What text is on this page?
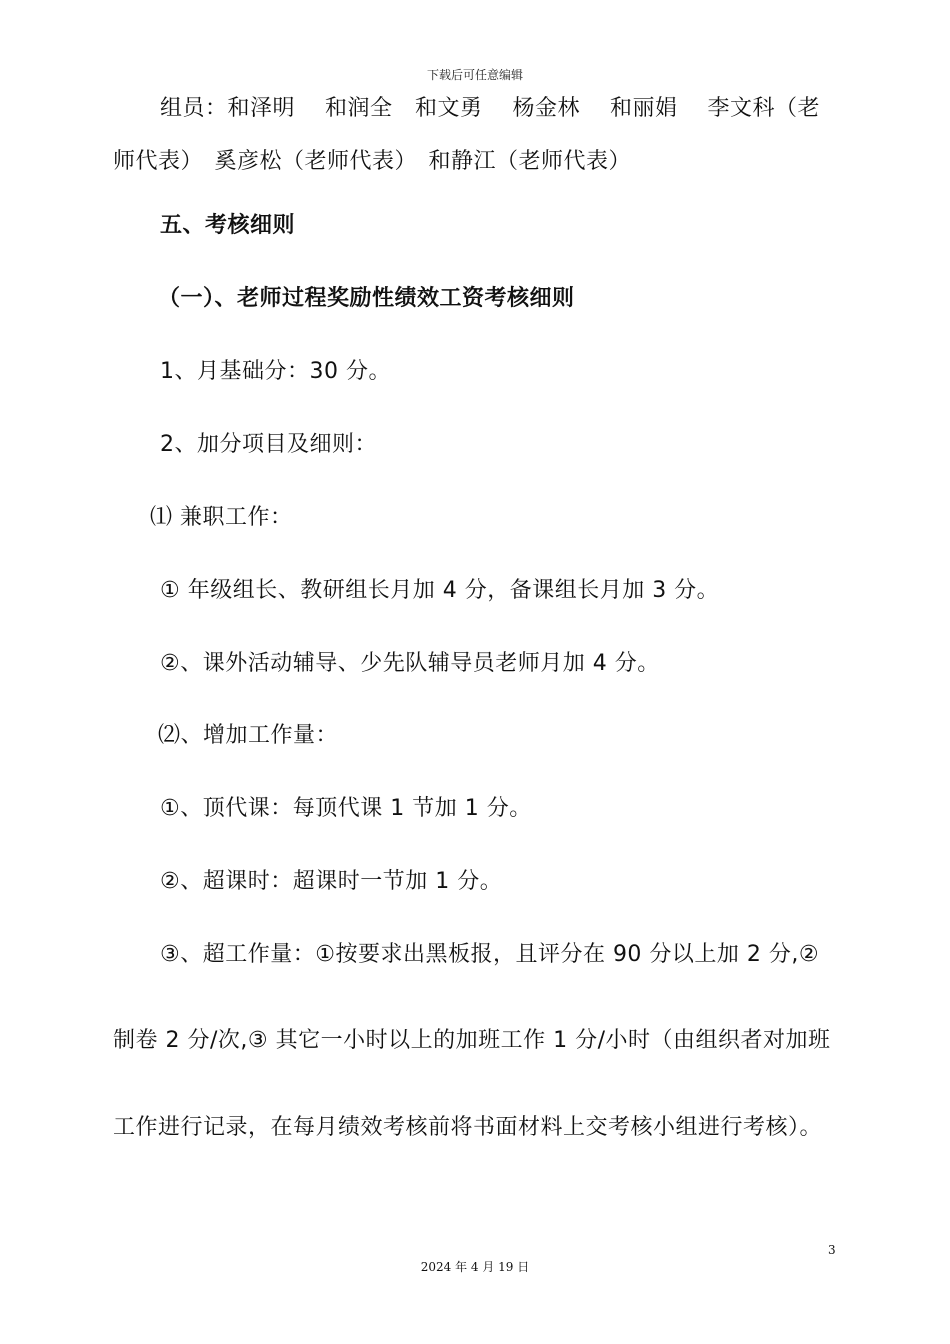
下载后可任意编辑
组员：和泽明　 和润全　和文勇　 杨金林　 和丽娟　 李文科（老
师代表）　奚彦松（老师代表）　和静江（老师代表）
五、考核细则
（一）、老师过程奖励性绩效工资考核细则
1、月基础分：30 分。
2、加分项目及细则：
⑴ 兼职工作：
① 年级组长、教研组长月加 4 分，备课组长月加 3 分。
②、课外活动辅导、少先队辅导员老师月加 4 分。
⑵、增加工作量：
①、顶代课：每顶代课 1 节加 1 分。
②、超课时：超课时一节加 1 分。
③、超工作量：①按要求出黑板报，且评分在 90 分以上加 2 分,②
制卷 2 分/次,③ 其它一小时以上的加班工作 1 分/小时（由组织者对加班
工作进行记录，在每月绩效考核前将书面材料上交考核小组进行考核）。
3
2024 年 4 月 19 日
